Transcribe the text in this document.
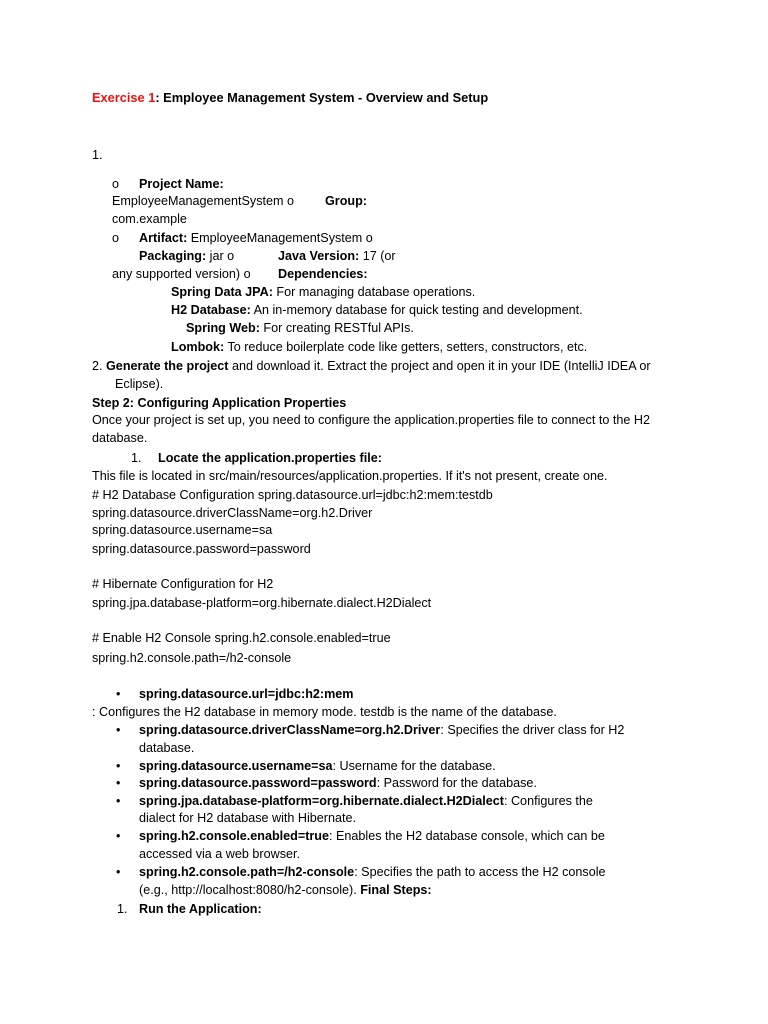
Exercise 1: Employee Management System - Overview and Setup
1.
o Project Name:
EmployeeManagementSystem o Group:
com.example
o Artifact: EmployeeManagementSystem o
Packaging: jar o	Java Version: 17 (or
any supported version) o Dependencies:
Spring Data JPA: For managing database operations.
H2 Database: An in-memory database for quick testing and development.
Spring Web: For creating RESTful APIs.
Lombok: To reduce boilerplate code like getters, setters, constructors, etc.
2. Generate the project and download it. Extract the project and open it in your IDE (IntelliJ IDEA or
Eclipse).
Step 2: Configuring Application Properties
Once your project is set up, you need to configure the application.properties file to connect to the H2
database.
1. Locate the application.properties file:
This file is located in src/main/resources/application.properties. If it's not present, create one.
# H2 Database Configuration spring.datasource.url=jdbc:h2:mem:testdb
spring.datasource.driverClassName=org.h2.Driver
spring.datasource.username=sa
spring.datasource.password=password
# Hibernate Configuration for H2
spring.jpa.database-platform=org.hibernate.dialect.H2Dialect
# Enable H2 Console spring.h2.console.enabled=true
spring.h2.console.path=/h2-console
• spring.datasource.url=jdbc:h2:mem
: Configures the H2 database in memory mode. testdb is the name of the database.
• spring.datasource.driverClassName=org.h2.Driver: Specifies the driver class for H2
database.
• spring.datasource.username=sa: Username for the database.
• spring.datasource.password=password: Password for the database.
• spring.jpa.database-platform=org.hibernate.dialect.H2Dialect: Configures the
dialect for H2 database with Hibernate.
• spring.h2.console.enabled=true: Enables the H2 database console, which can be
accessed via a web browser.
• spring.h2.console.path=/h2-console: Specifies the path to access the H2 console
(e.g., http://localhost:8080/h2-console). Final Steps:
1. Run the Application:
